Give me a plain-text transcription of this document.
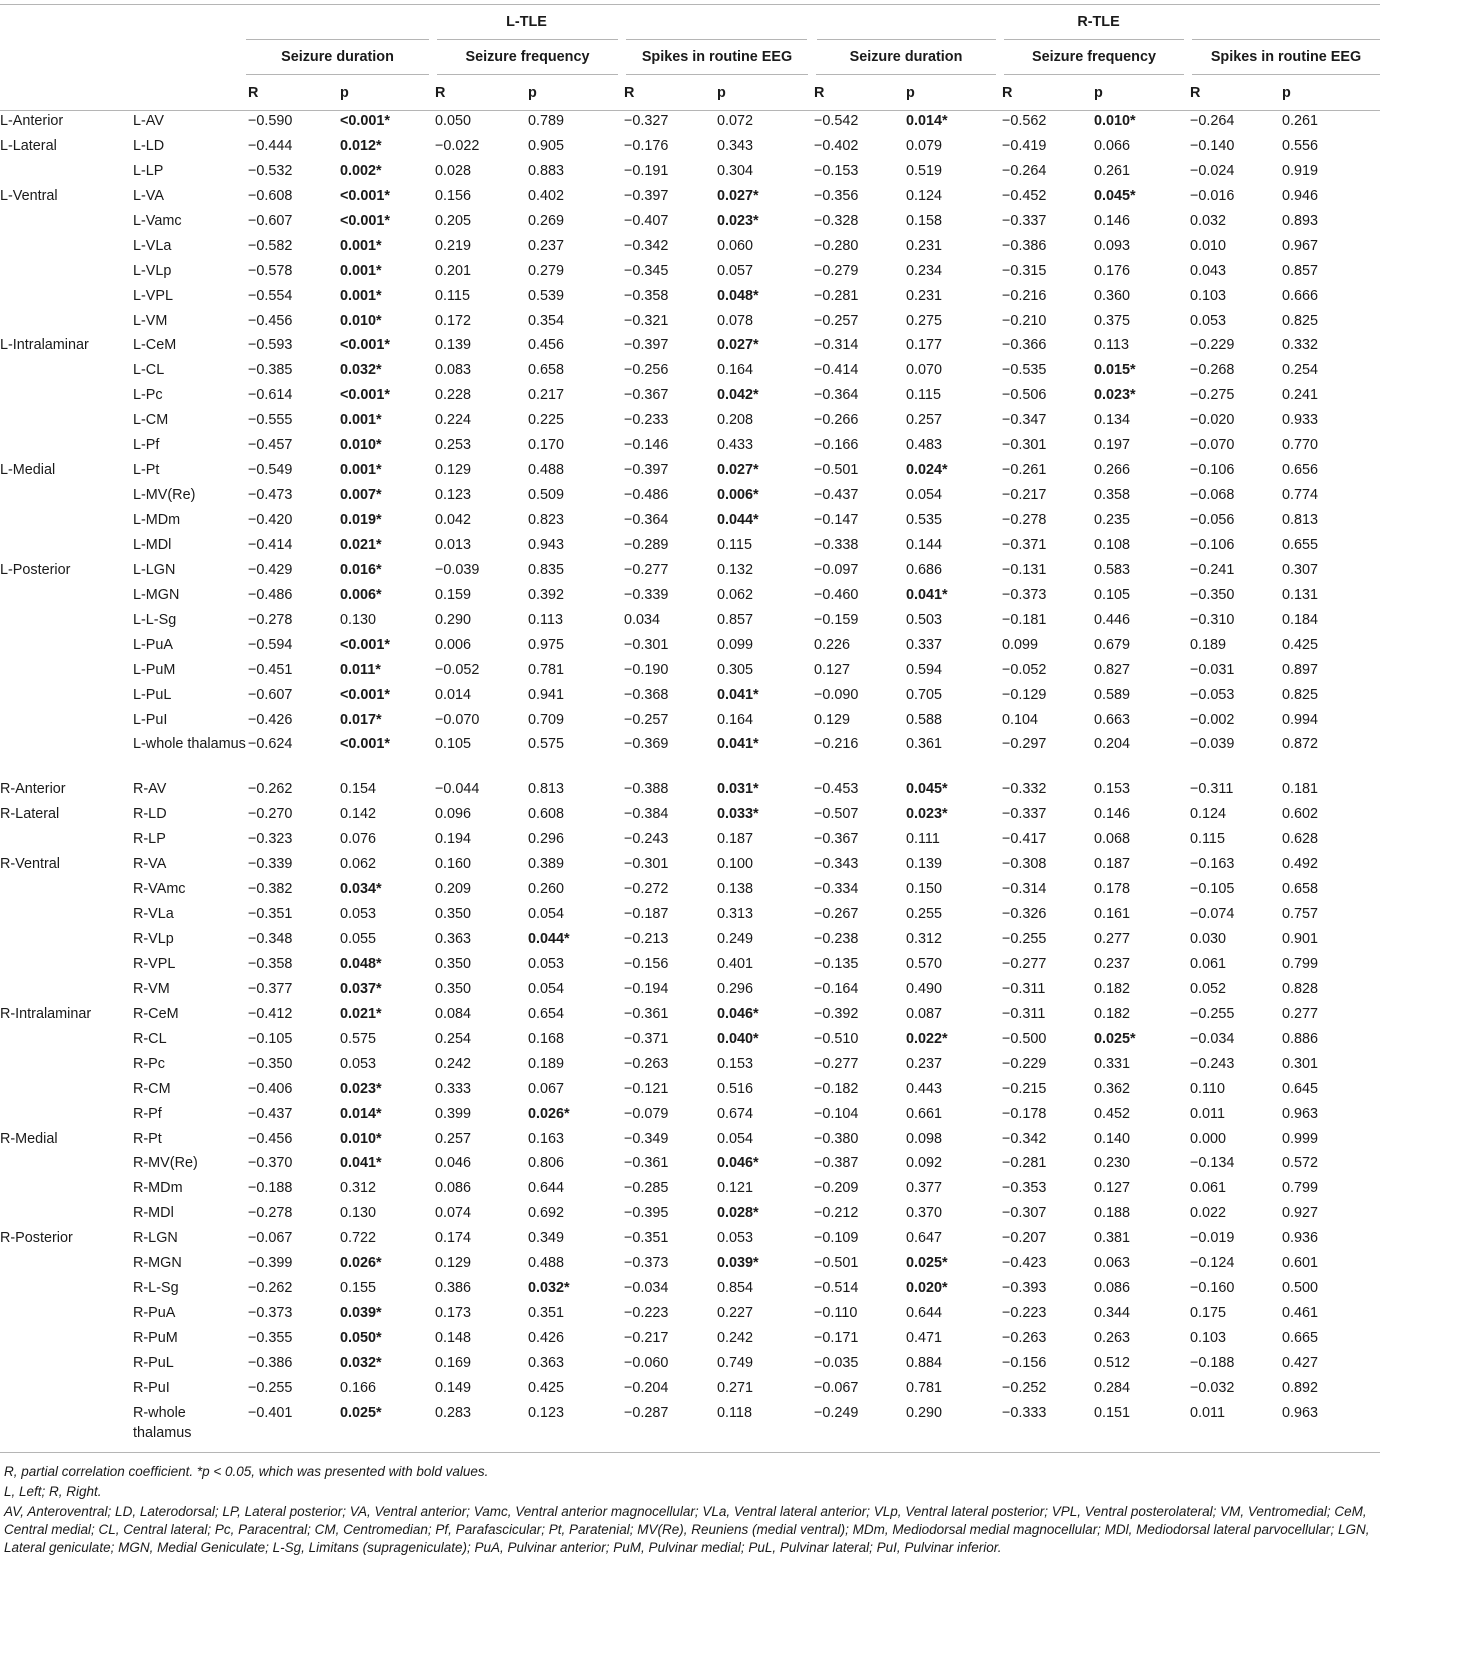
		L-TLE						R-TLE					
		Seizure duration		Seizure frequency		Spikes in routine EEG		Seizure duration		Seizure frequency		Spikes in routine EEG	
		R	p	R	p	R	p	R	p	R	p	R	p

L-Anterior	L-AV	−0.590	<0.001*	0.050	0.789	−0.327	0.072	−0.542	0.014*	−0.562	0.010*	−0.264	0.261
L-Lateral	L-LD	−0.444	0.012*	−0.022	0.905	−0.176	0.343	−0.402	0.079	−0.419	0.066	−0.140	0.556
	L-LP	−0.532	0.002*	0.028	0.883	−0.191	0.304	−0.153	0.519	−0.264	0.261	−0.024	0.919
L-Ventral	L-VA	−0.608	<0.001*	0.156	0.402	−0.397	0.027*	−0.356	0.124	−0.452	0.045*	−0.016	0.946
	L-Vamc	−0.607	<0.001*	0.205	0.269	−0.407	0.023*	−0.328	0.158	−0.337	0.146	0.032	0.893
	L-VLa	−0.582	0.001*	0.219	0.237	−0.342	0.060	−0.280	0.231	−0.386	0.093	0.010	0.967
	L-VLp	−0.578	0.001*	0.201	0.279	−0.345	0.057	−0.279	0.234	−0.315	0.176	0.043	0.857
	L-VPL	−0.554	0.001*	0.115	0.539	−0.358	0.048*	−0.281	0.231	−0.216	0.360	0.103	0.666
	L-VM	−0.456	0.010*	0.172	0.354	−0.321	0.078	−0.257	0.275	−0.210	0.375	0.053	0.825
L-Intralaminar	L-CeM	−0.593	<0.001*	0.139	0.456	−0.397	0.027*	−0.314	0.177	−0.366	0.113	−0.229	0.332
	L-CL	−0.385	0.032*	0.083	0.658	−0.256	0.164	−0.414	0.070	−0.535	0.015*	−0.268	0.254
	L-Pc	−0.614	<0.001*	0.228	0.217	−0.367	0.042*	−0.364	0.115	−0.506	0.023*	−0.275	0.241
	L-CM	−0.555	0.001*	0.224	0.225	−0.233	0.208	−0.266	0.257	−0.347	0.134	−0.020	0.933
	L-Pf	−0.457	0.010*	0.253	0.170	−0.146	0.433	−0.166	0.483	−0.301	0.197	−0.070	0.770
L-Medial	L-Pt	−0.549	0.001*	0.129	0.488	−0.397	0.027*	−0.501	0.024*	−0.261	0.266	−0.106	0.656
	L-MV(Re)	−0.473	0.007*	0.123	0.509	−0.486	0.006*	−0.437	0.054	−0.217	0.358	−0.068	0.774
	L-MDm	−0.420	0.019*	0.042	0.823	−0.364	0.044*	−0.147	0.535	−0.278	0.235	−0.056	0.813
	L-MDl	−0.414	0.021*	0.013	0.943	−0.289	0.115	−0.338	0.144	−0.371	0.108	−0.106	0.655
L-Posterior	L-LGN	−0.429	0.016*	−0.039	0.835	−0.277	0.132	−0.097	0.686	−0.131	0.583	−0.241	0.307
	L-MGN	−0.486	0.006*	0.159	0.392	−0.339	0.062	−0.460	0.041*	−0.373	0.105	−0.350	0.131
	L-L-Sg	−0.278	0.130	0.290	0.113	0.034	0.857	−0.159	0.503	−0.181	0.446	−0.310	0.184
	L-PuA	−0.594	<0.001*	0.006	0.975	−0.301	0.099	0.226	0.337	0.099	0.679	0.189	0.425
	L-PuM	−0.451	0.011*	−0.052	0.781	−0.190	0.305	0.127	0.594	−0.052	0.827	−0.031	0.897
	L-PuL	−0.607	<0.001*	0.014	0.941	−0.368	0.041*	−0.090	0.705	−0.129	0.589	−0.053	0.825
	L-PuI	−0.426	0.017*	−0.070	0.709	−0.257	0.164	0.129	0.588	0.104	0.663	−0.002	0.994
	L-whole thalamus	−0.624	<0.001*	0.105	0.575	−0.369	0.041*	−0.216	0.361	−0.297	0.204	−0.039	0.872
R-Anterior	R-AV	−0.262	0.154	−0.044	0.813	−0.388	0.031*	−0.453	0.045*	−0.332	0.153	−0.311	0.181
R-Lateral	R-LD	−0.270	0.142	0.096	0.608	−0.384	0.033*	−0.507	0.023*	−0.337	0.146	0.124	0.602
	R-LP	−0.323	0.076	0.194	0.296	−0.243	0.187	−0.367	0.111	−0.417	0.068	0.115	0.628
R-Ventral	R-VA	−0.339	0.062	0.160	0.389	−0.301	0.100	−0.343	0.139	−0.308	0.187	−0.163	0.492
	R-VAmc	−0.382	0.034*	0.209	0.260	−0.272	0.138	−0.334	0.150	−0.314	0.178	−0.105	0.658
	R-VLa	−0.351	0.053	0.350	0.054	−0.187	0.313	−0.267	0.255	−0.326	0.161	−0.074	0.757
	R-VLp	−0.348	0.055	0.363	0.044*	−0.213	0.249	−0.238	0.312	−0.255	0.277	0.030	0.901
	R-VPL	−0.358	0.048*	0.350	0.053	−0.156	0.401	−0.135	0.570	−0.277	0.237	0.061	0.799
	R-VM	−0.377	0.037*	0.350	0.054	−0.194	0.296	−0.164	0.490	−0.311	0.182	0.052	0.828
R-Intralaminar	R-CeM	−0.412	0.021*	0.084	0.654	−0.361	0.046*	−0.392	0.087	−0.311	0.182	−0.255	0.277
	R-CL	−0.105	0.575	0.254	0.168	−0.371	0.040*	−0.510	0.022*	−0.500	0.025*	−0.034	0.886
	R-Pc	−0.350	0.053	0.242	0.189	−0.263	0.153	−0.277	0.237	−0.229	0.331	−0.243	0.301
	R-CM	−0.406	0.023*	0.333	0.067	−0.121	0.516	−0.182	0.443	−0.215	0.362	0.110	0.645
	R-Pf	−0.437	0.014*	0.399	0.026*	−0.079	0.674	−0.104	0.661	−0.178	0.452	0.011	0.963
R-Medial	R-Pt	−0.456	0.010*	0.257	0.163	−0.349	0.054	−0.380	0.098	−0.342	0.140	0.000	0.999
	R-MV(Re)	−0.370	0.041*	0.046	0.806	−0.361	0.046*	−0.387	0.092	−0.281	0.230	−0.134	0.572
	R-MDm	−0.188	0.312	0.086	0.644	−0.285	0.121	−0.209	0.377	−0.353	0.127	0.061	0.799
	R-MDl	−0.278	0.130	0.074	0.692	−0.395	0.028*	−0.212	0.370	−0.307	0.188	0.022	0.927
R-Posterior	R-LGN	−0.067	0.722	0.174	0.349	−0.351	0.053	−0.109	0.647	−0.207	0.381	−0.019	0.936
	R-MGN	−0.399	0.026*	0.129	0.488	−0.373	0.039*	−0.501	0.025*	−0.423	0.063	−0.124	0.601
	R-L-Sg	−0.262	0.155	0.386	0.032*	−0.034	0.854	−0.514	0.020*	−0.393	0.086	−0.160	0.500
	R-PuA	−0.373	0.039*	0.173	0.351	−0.223	0.227	−0.110	0.644	−0.223	0.344	0.175	0.461
	R-PuM	−0.355	0.050*	0.148	0.426	−0.217	0.242	−0.171	0.471	−0.263	0.263	0.103	0.665
	R-PuL	−0.386	0.032*	0.169	0.363	−0.060	0.749	−0.035	0.884	−0.156	0.512	−0.188	0.427
	R-PuI	−0.255	0.166	0.149	0.425	−0.204	0.271	−0.067	0.781	−0.252	0.284	−0.032	0.892
	R-whole thalamus	−0.401	0.025*	0.283	0.123	−0.287	0.118	−0.249	0.290	−0.333	0.151	0.011	0.963

R, partial correlation coefficient. *p < 0.05, which was presented with bold values.

L, Left; R, Right.

AV, Anteroventral; LD, Laterodorsal; LP, Lateral posterior; VA, Ventral anterior; Vamc, Ventral anterior magnocellular; VLa, Ventral lateral anterior; VLp, Ventral lateral posterior; VPL, Ventral posterolateral; VM, Ventromedial; CeM, Central medial; CL, Central lateral; Pc, Paracentral; CM, Centromedian; Pf, Parafascicular; Pt, Paratenial; MV(Re), Reuniens (medial ventral); MDm, Mediodorsal medial magnocellular; MDl, Mediodorsal lateral parvocellular; LGN, Lateral geniculate; MGN, Medial Geniculate; L-Sg, Limitans (suprageniculate); PuA, Pulvinar anterior; PuM, Pulvinar medial; PuL, Pulvinar lateral; PuI, Pulvinar inferior.
